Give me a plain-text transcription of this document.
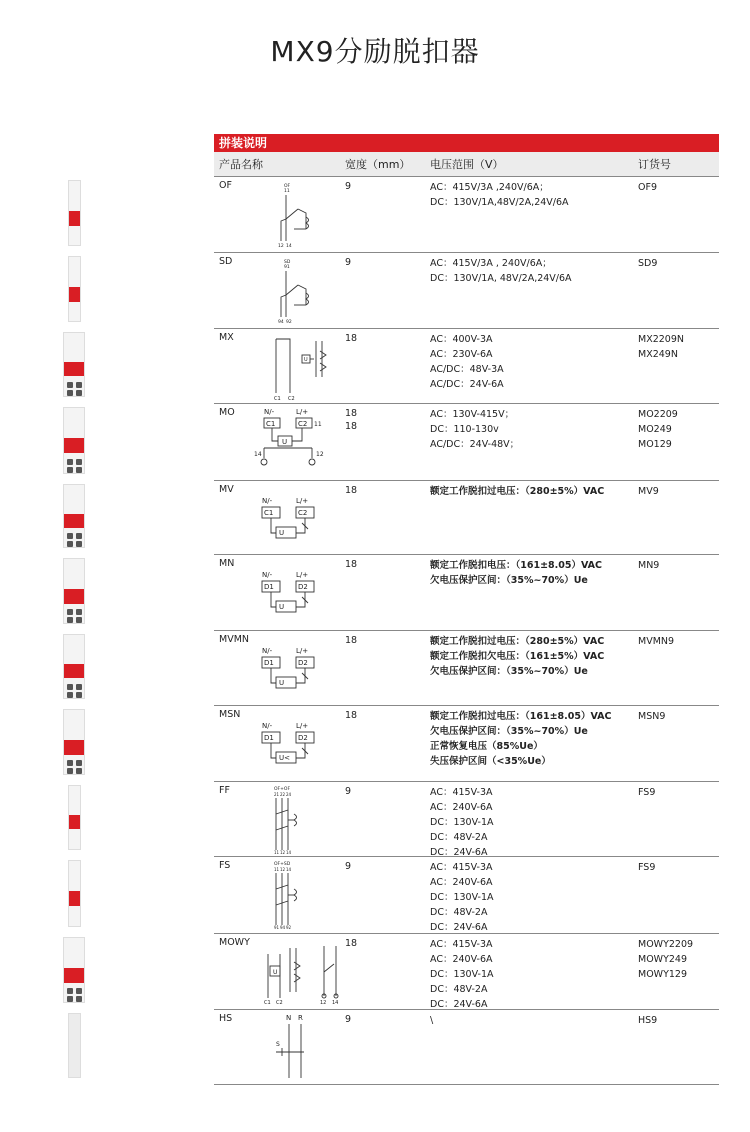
MX9分励脱扣器
拼装说明
产品名称	宽度（mm）	电压范围（V）	订货号
OF
11
12 14
OF	9	AC：415V/3A ,240V/6A；
DC：130V/1A,48V/2A,24V/6A
OF9
SD
91
94 92
SD	9	AC：415V/3A , 240V/6A；
DC：130V/1A, 48V/2A,24V/6A
SD9
U
C1 C2
MX	18	AC：400V-3A
AC：230V-6A
AC/DC：48V-3A
AC/DC：24V-6A
MX2209N
MX249N
N/-	L/+
C1	C2 11
U
14	12
MO	18
18
AC：130V-415V；
DC：110-130v
AC/DC：24V-48V；
MO2209
MO249
MO129
N/-	L/+
C1	C2
U
MV	18	额定工作脱扣过电压：（280±5%）VAC	MV9
N/-	L/+
D1	D2
U
MN	18	额定工作脱扣电压：（161±8.05）VAC
欠电压保护区间：（35%~70%）Ue
MN9
N/-	L/+
D1	D2
U
MVMN	18	额定工作脱扣过电压：（280±5%）VAC
额定工作脱扣欠电压：（161±5%）VAC
欠电压保护区间：（35%~70%）Ue
MVMN9
N/-	L/+
D1	D2
U<
MSN	18	额定工作脱扣过电压：（161±8.05）VAC
欠电压保护区间：（35%~70%）Ue
正常恢复电压（85%Ue）
失压保护区间（<35%Ue）
MSN9
OF+OF
21 22 24
11 12 14
FF	9	AC：415V-3A
AC：240V-6A
DC：130V-1A
DC：48V-2A
DC：24V-6A
FS9
OF+SD
11 12 14
91 94 92
FS	9	AC：415V-3A
AC：240V-6A
DC：130V-1A
DC：48V-2A
DC：24V-6A
FS9
U
C1 C2	12 14
MOWY	18	AC：415V-3A
AC：240V-6A
DC：130V-1A
DC：48V-2A
DC：24V-6A
MOWY2209
MOWY249
MOWY129
N R
S
HS	9	\	HS9
